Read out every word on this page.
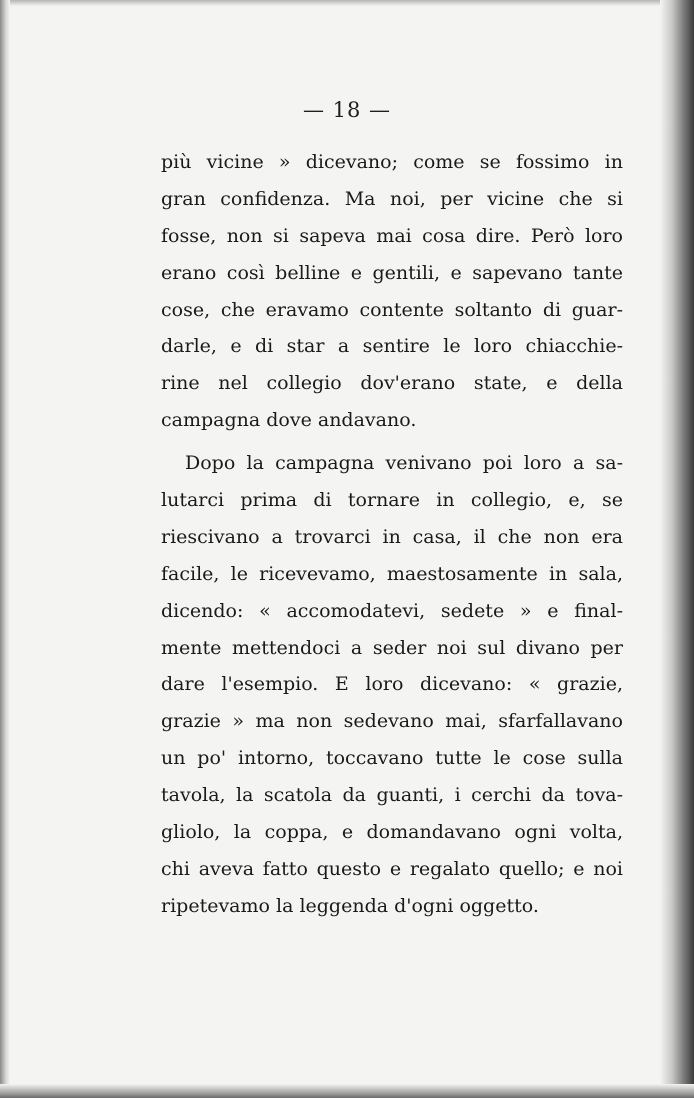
— 18 —
più vicine » dicevano; come se fossimo in
gran confidenza. Ma noi, per vicine che si
fosse, non si sapeva mai cosa dire. Però loro
erano così belline e gentili, e sapevano tante
cose, che eravamo contente soltanto di guar-
darle, e di star a sentire le loro chiacchie-
rine nel collegio dov'erano state, e della
campagna dove andavano.
Dopo la campagna venivano poi loro a sa-
lutarci prima di tornare in collegio, e, se
riescivano a trovarci in casa, il che non era
facile, le ricevevamo, maestosamente in sala,
dicendo: « accomodatevi, sedete » e final-
mente mettendoci a seder noi sul divano per
dare l'esempio. E loro dicevano: « grazie,
grazie » ma non sedevano mai, sfarfallavano
un po' intorno, toccavano tutte le cose sulla
tavola, la scatola da guanti, i cerchi da tova-
gliolo, la coppa, e domandavano ogni volta,
chi aveva fatto questo e regalato quello; e noi
ripetevamo la leggenda d'ogni oggetto.
